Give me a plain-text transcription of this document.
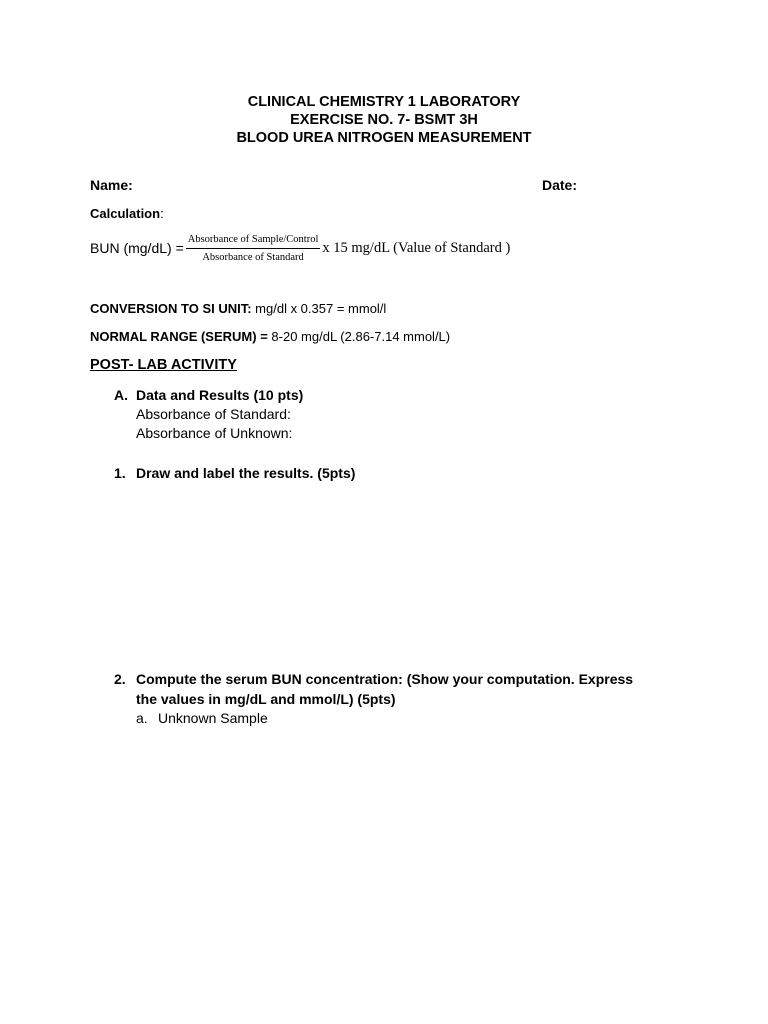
CLINICAL CHEMISTRY 1 LABORATORY
EXERCISE NO. 7- BSMT 3H
BLOOD UREA NITROGEN MEASUREMENT
Name:	Date:
Calculation:
BUN $(mg/dL) = \frac{\text{Absorbance of Sample/Control}}{\text{Absorbance of Standard}}$ x 15 mg/dL (Value of Standard )
CONVERSION TO SI UNIT: mg/dl x 0.357 = mmol/l
NORMAL RANGE (SERUM) = 8-20 mg/dL (2.86-7.14 mmol/L)
POST- LAB ACTIVITY
A. Data and Results (10 pts)
Absorbance of Standard:
Absorbance of Unknown:
1. Draw and label the results. (5pts)
2. Compute the serum BUN concentration: (Show your computation. Express
the values in mg/dL and mmol/L) (5pts)
a. Unknown Sample
